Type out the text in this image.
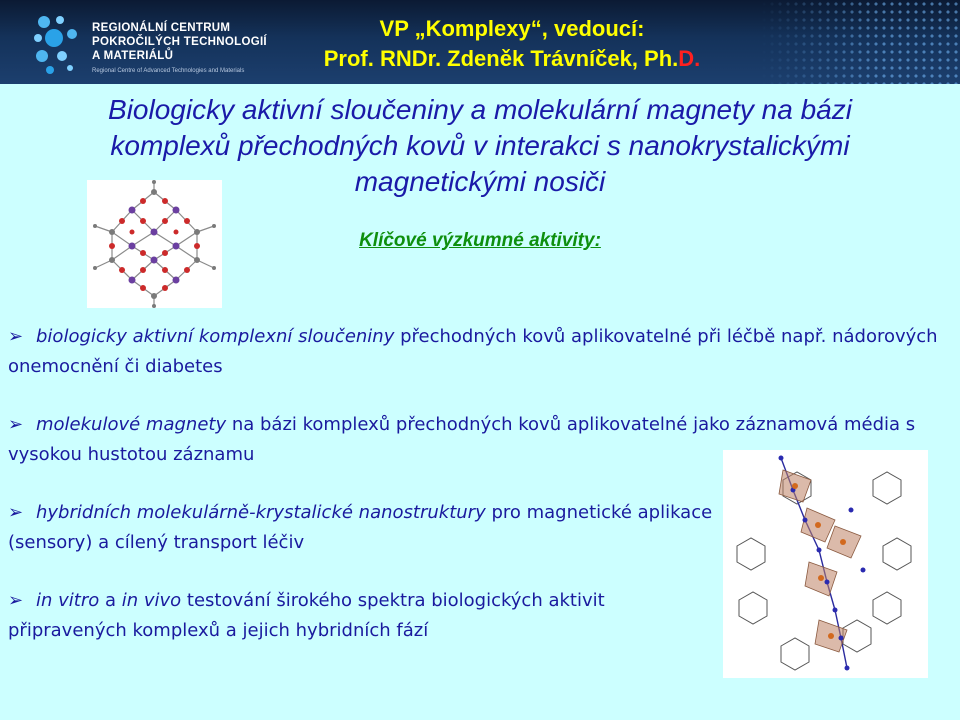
REGIONÁLNÍ CENTRUM
POKROČILÝCH TECHNOLOGIÍ
A MATERIÁLŮ
Regional Centre of Advanced Technologies and Materials
VP „Komplexy“, vedoucí:
Prof. RNDr. Zdeněk Trávníček, Ph.D.
Biologicky aktivní sloučeniny a molekulární magnety na bázi
komplexů přechodných kovů v interakci s nanokrystalickými
magnetickými nosiči
Klíčové výzkumné aktivity:
➢ biologicky aktivní komplexní sloučeniny přechodných kovů aplikovatelné při léčbě např. nádorových onemocnění či diabetes
➢ molekulové magnety na bázi komplexů přechodných kovů aplikovatelné jako záznamová média s vysokou hustotou záznamu
➢ hybridních molekulárně-krystalické nanostruktury pro magnetické aplikace (sensory) a cílený transport léčiv
➢ in vitro a in vivo testování širokého spektra biologických aktivit připravených komplexů a jejich hybridních fází
